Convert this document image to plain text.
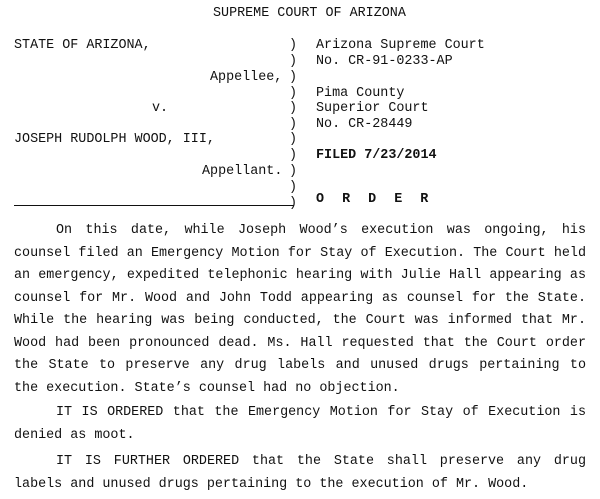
SUPREME COURT OF ARIZONA
STATE OF ARIZONA,
Appellee,
v.
JOSEPH RUDOLPH WOOD, III,
Appellant.
)
)
)
)
)
)
)
)
)
)
)
Arizona Supreme Court
No. CR-91-0233-AP
Pima County
Superior Court
No. CR-28449
FILED 7/23/2014
O R D E R
On this date, while Joseph Wood’s execution was ongoing, his counsel filed an Emergency Motion for Stay of Execution. The Court held an emergency, expedited telephonic hearing with Julie Hall appearing as counsel for Mr. Wood and John Todd appearing as counsel for the State. While the hearing was being conducted, the Court was informed that Mr. Wood had been pronounced dead. Ms. Hall requested that the Court order the State to preserve any drug labels and unused drugs pertaining to the execution. State’s counsel had no objection.
IT IS ORDERED that the Emergency Motion for Stay of Execution is denied as moot.
IT IS FURTHER ORDERED that the State shall preserve any drug labels and unused drugs pertaining to the execution of Mr. Wood.
